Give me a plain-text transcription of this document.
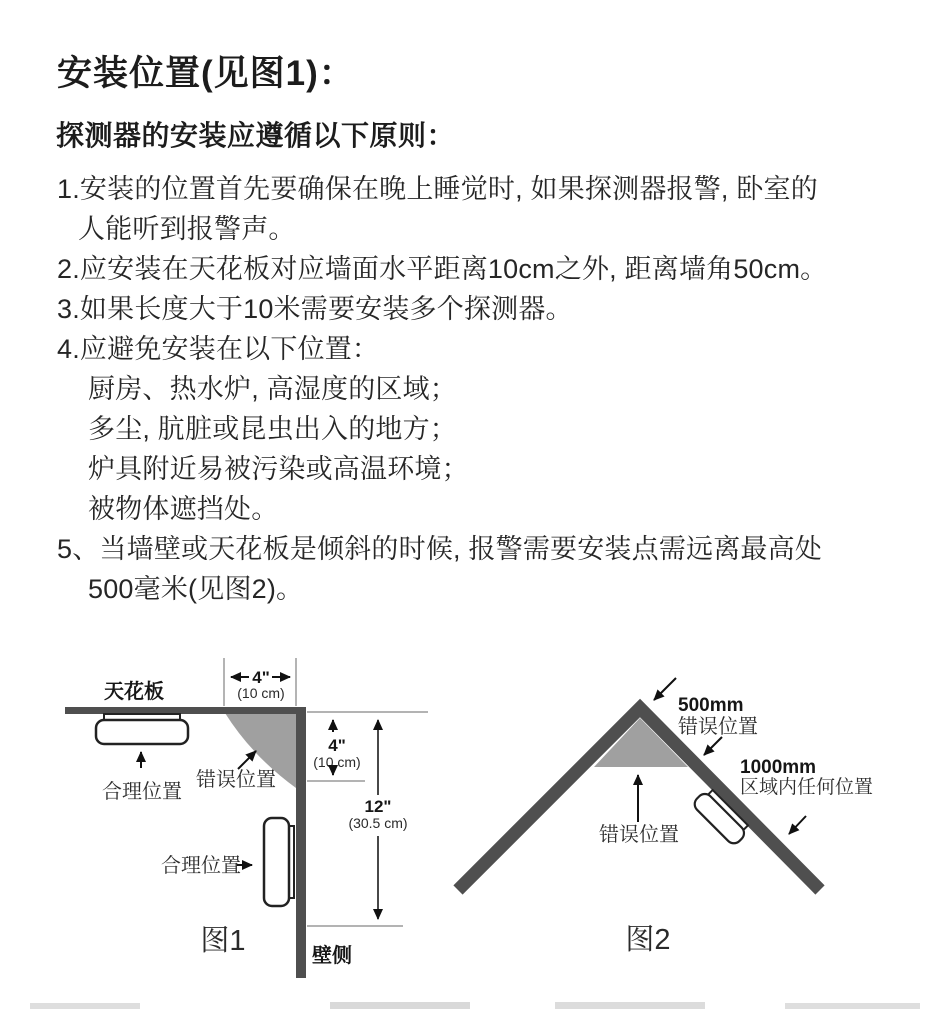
安装位置(见图1)：
探测器的安装应遵循以下原则：

1.安装的位置首先要确保在晚上睡觉时, 如果探测器报警, 卧室的

人能听到报警声。

2.应安装在天花板对应墙面水平距离10cm之外, 距离墙角50cm。

3.如果长度大于10米需要安装多个探测器。

4.应避免安装在以下位置：

厨房、热水炉, 高湿度的区域；

多尘, 肮脏或昆虫出入的地方；

炉具附近易被污染或高温环境；

被物体遮挡处。

5、当墙壁或天花板是倾斜的时候, 报警需要安装点需远离最高处

500毫米(见图2)。

合理位置
错误位置
天花板
4"
(10 cm)
4"
(10 cm)
12"
(30.5 cm)
合理位置
图1	壁侧
500mm
错误位置
1000mm
区域内任何位置
错误位置
图2
